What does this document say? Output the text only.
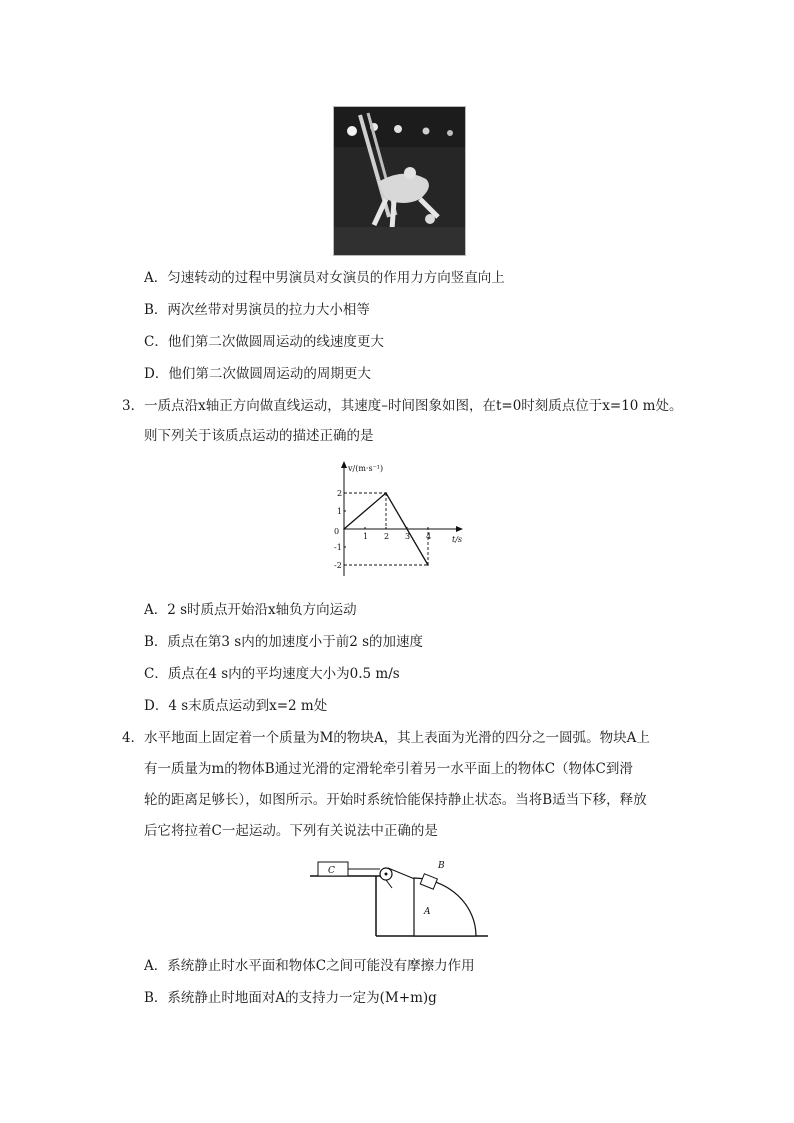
A．匀速转动的过程中男演员对女演员的作用力方向竖直向上
B．两次丝带对男演员的拉力大小相等
C．他们第二次做圆周运动的线速度更大
D．他们第二次做圆周运动的周期更大
3．一质点沿x轴正方向做直线运动，其速度–时间图象如图，在t=0时刻质点位于x=10 m处。
则下列关于该质点运动的描述正确的是
v/(m·s⁻¹)
t/s
0
1 2 3 4
2
1
-1
-2
A．2 s时质点开始沿x轴负方向运动
B．质点在第3 s内的加速度小于前2 s的加速度
C．质点在4 s内的平均速度大小为0.5 m/s
D．4 s末质点运动到x=2 m处
4．水平地面上固定着一个质量为M的物块A，其上表面为光滑的四分之一圆弧。物块A上
有一质量为m的物体B通过光滑的定滑轮牵引着另一水平面上的物体C（物体C到滑
轮的距离足够长），如图所示。开始时系统恰能保持静止状态。当将B适当下移，释放
后它将拉着C一起运动。下列有关说法中正确的是
C	B
A
A．系统静止时水平面和物体C之间可能没有摩擦力作用
B．系统静止时地面对A的支持力一定为(M+m)g
